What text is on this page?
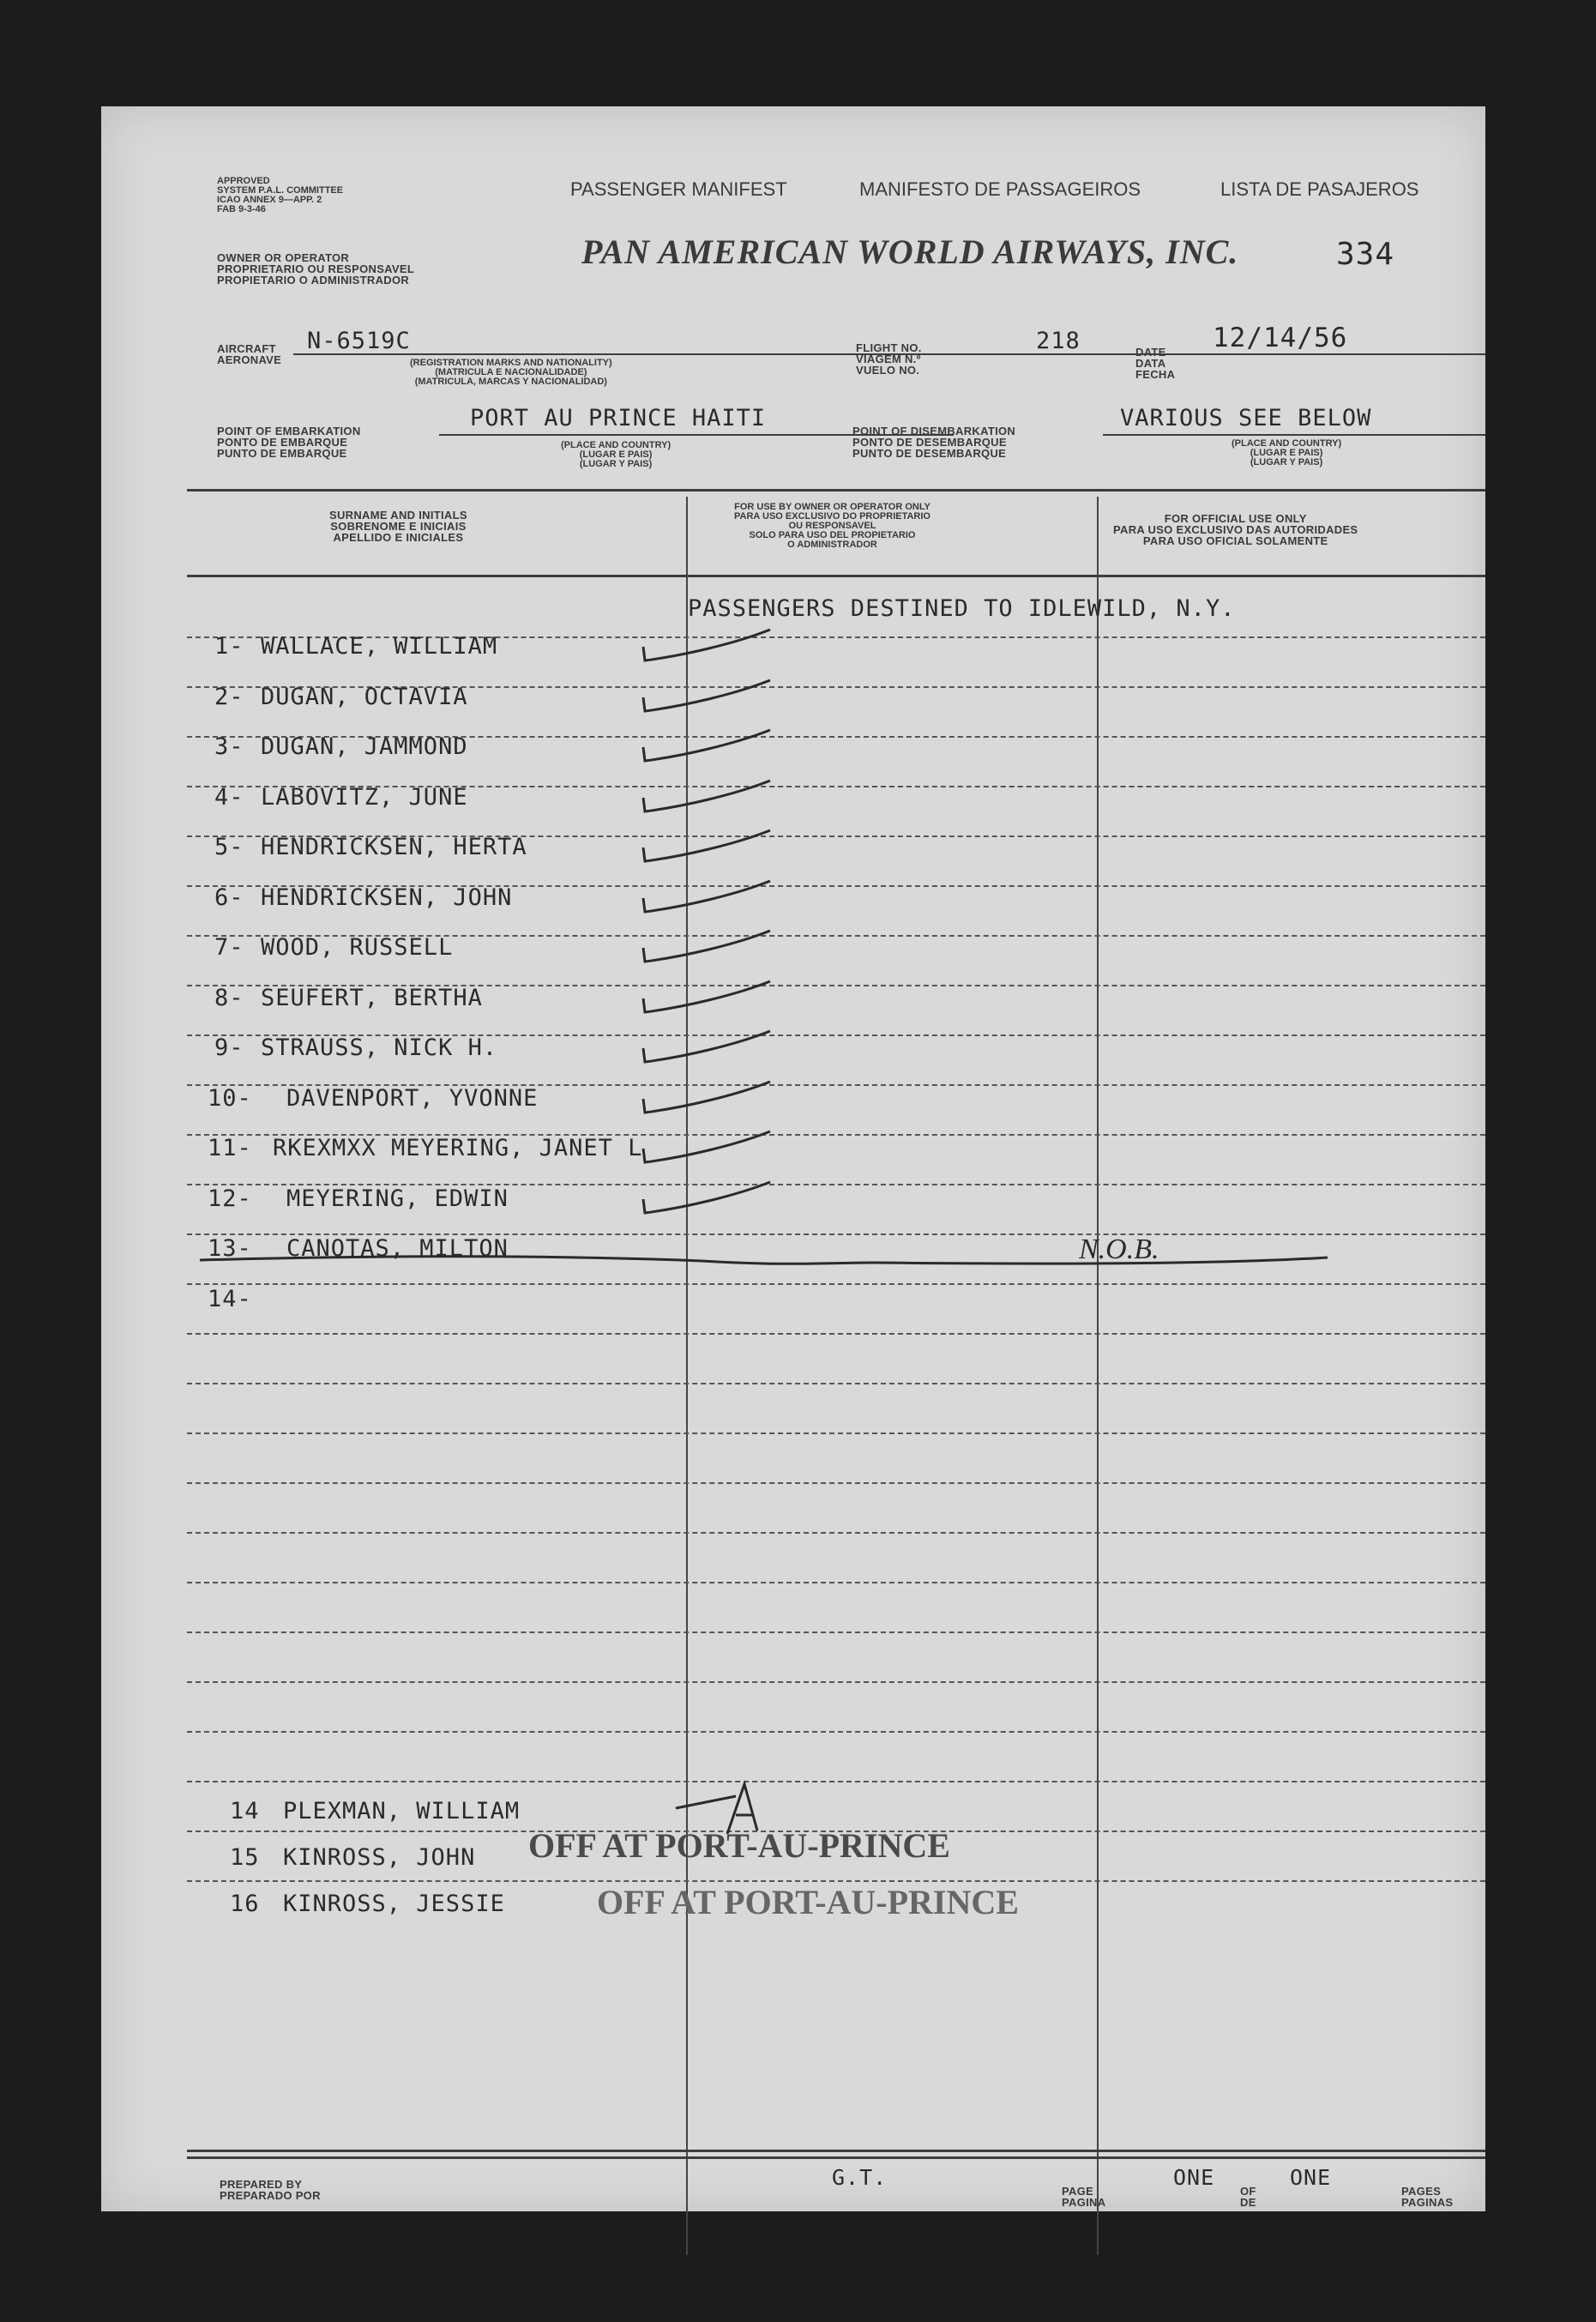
APPROVED
SYSTEM P.A.L. COMMITTEE
ICAO ANNEX 9—APP. 2
FAB 9-3-46
OWNER OR OPERATOR
PROPRIETARIO OU RESPONSAVEL
PROPIETARIO O ADMINISTRADOR
PASSENGER MANIFEST	MANIFESTO DE PASSAGEIROS	LISTA DE PASAJEROS
PAN AMERICAN WORLD AIRWAYS, INC.	334
AIRCRAFT
AERONAVE
N-6519C
(REGISTRATION MARKS AND NATIONALITY)
(MATRICULA E NACIONALIDADE)
(MATRICULA, MARCAS Y NACIONALIDAD)
FLIGHT NO.
VIAGEM N.º
VUELO NO.
218	DATE
DATA
FECHA
12/14/56
POINT OF EMBARKATION
PONTO DE EMBARQUE
PUNTO DE EMBARQUE
PORT AU PRINCE HAITI
(PLACE AND COUNTRY)
(LUGAR E PAIS)
(LUGAR Y PAIS)
POINT OF DISEMBARKATION
PONTO DE DESEMBARQUE
PUNTO DE DESEMBARQUE
VARIOUS SEE BELOW
(PLACE AND COUNTRY)
(LUGAR E PAIS)
(LUGAR Y PAIS)
SURNAME AND INITIALS
SOBRENOME E INICIAIS
APELLIDO E INICIALES
FOR USE BY OWNER OR OPERATOR ONLY
PARA USO EXCLUSIVO DO PROPRIETARIO
OU RESPONSAVEL
SOLO PARA USO DEL PROPIETARIO
O ADMINISTRADOR
FOR OFFICIAL USE ONLY
PARA USO EXCLUSIVO DAS AUTORIDADES
PARA USO OFICIAL SOLAMENTE
PASSENGERS DESTINED TO IDLEWILD, N.Y.
1- WALLACE, WILLIAM
2- DUGAN, OCTAVIA
3- DUGAN, JAMMOND
4- LABOVITZ, JUNE
5- HENDRICKSEN, HERTA
6- HENDRICKSEN, JOHN
7- WOOD, RUSSELL
8- SEUFERT, BERTHA
9- STRAUSS, NICK H.
10- DAVENPORT, YVONNE
11- RKEXMXX MEYERING, JANET L
12- MEYERING, EDWIN
13- CANOTAS, MILTON
14-
N.O.B.
14 PLEXMAN, WILLIAM
15 KINROSS, JOHN
16 KINROSS, JESSIE
OFF AT PORT-AU-PRINCE
OFF AT PORT-AU-PRINCE
PREPARED BY
PREPARADO POR
G.T.
PAGE
PAGINA
ONE
OF
DE
ONE
PAGES
PAGINAS
